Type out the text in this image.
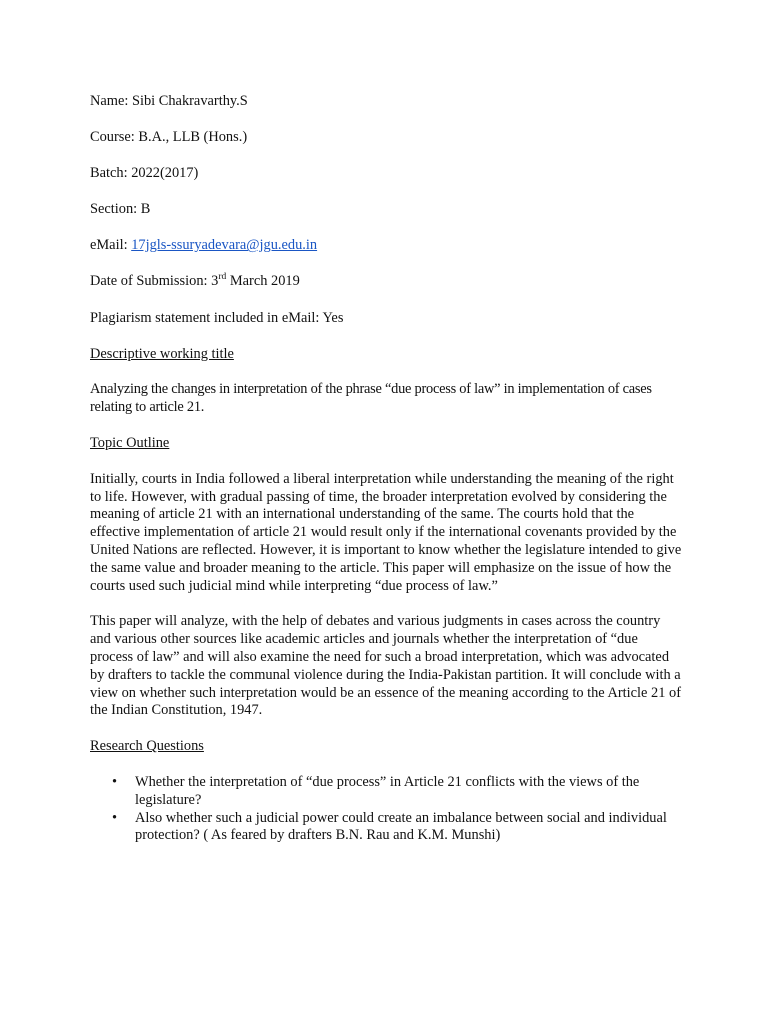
Name: Sibi Chakravarthy.S
Course: B.A., LLB (Hons.)
Batch: 2022(2017)
Section: B
eMail: 17jgls-ssuryadevara@jgu.edu.in
Date of Submission: 3rd March 2019
Plagiarism statement included in eMail: Yes
Descriptive working title
Analyzing the changes in interpretation of the phrase “due process of law” in implementation of cases relating to article 21.
Topic Outline
Initially, courts in India followed a liberal interpretation while understanding the meaning of the right to life. However, with gradual passing of time, the broader interpretation evolved by considering the meaning of article 21 with an international understanding of the same. The courts hold that the effective implementation of article 21 would result only if the international covenants provided by the United Nations are reflected. However, it is important to know whether the legislature intended to give the same value and broader meaning to the article. This paper will emphasize on the issue of how the courts used such judicial mind while interpreting “due process of law.”
This paper will analyze, with the help of debates and various judgments in cases across the country and various other sources like academic articles and journals whether the interpretation of “due process of law” and will also examine the need for such a broad interpretation, which was advocated by drafters to tackle the communal violence during the India-Pakistan partition. It will conclude with a view on whether such interpretation would be an essence of the meaning according to the Article 21 of the Indian Constitution, 1947.
Research Questions
• Whether the interpretation of “due process” in Article 21 conflicts with the views of the legislature?
• Also whether such a judicial power could create an imbalance between social and individual protection? ( As feared by drafters B.N. Rau and K.M. Munshi)
